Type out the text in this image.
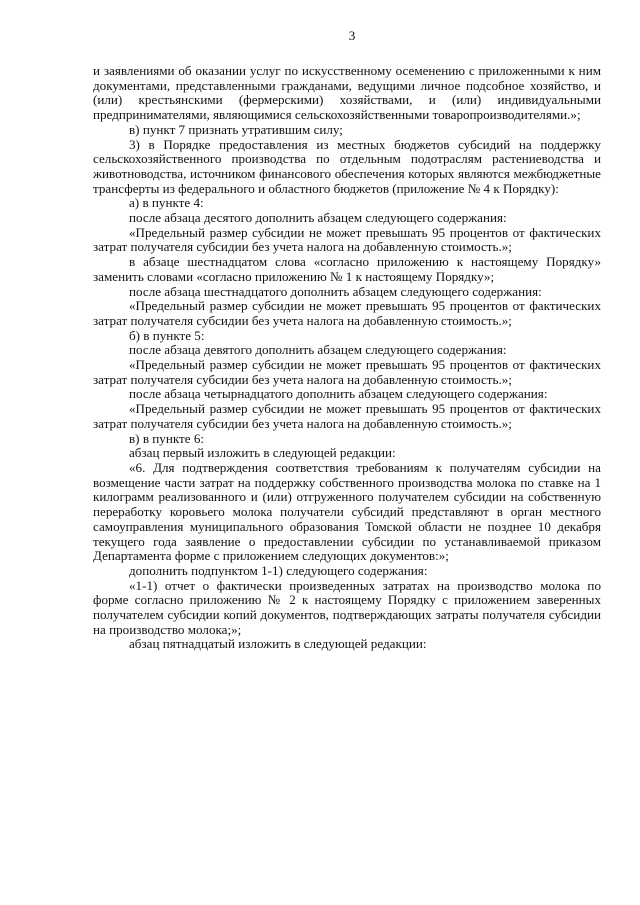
3

и заявлениями об оказании услуг по искусственному осеменению с приложенными к ним документами, представленными гражданами, ведущими личное подсобное хозяйство, и (или) крестьянскими (фермерскими) хозяйствами, и (или) индивидуальными предпринимателями, являющимися сельскохозяйственными товаропроизводителями.»;

в) пункт 7 признать утратившим силу;

3) в Порядке предоставления из местных бюджетов субсидий на поддержку сельскохозяйственного производства по отдельным подотраслям растениеводства и животноводства, источником финансового обеспечения которых являются межбюджетные трансферты из федерального и областного бюджетов (приложение № 4 к Порядку):

а) в пункте 4:

после абзаца десятого дополнить абзацем следующего содержания:

«Предельный размер субсидии не может превышать 95 процентов от фактических затрат получателя субсидии без учета налога на добавленную стоимость.»;

в абзаце шестнадцатом слова «согласно приложению к настоящему Порядку» заменить словами «согласно приложению № 1 к настоящему Порядку»;

после абзаца шестнадцатого дополнить абзацем следующего содержания:

«Предельный размер субсидии не может превышать 95 процентов от фактических затрат получателя субсидии без учета налога на добавленную стоимость.»;

б) в пункте 5:

после абзаца девятого дополнить абзацем следующего содержания:

«Предельный размер субсидии не может превышать 95 процентов от фактических затрат получателя субсидии без учета налога на добавленную стоимость.»;

после абзаца четырнадцатого дополнить абзацем следующего содержания:

«Предельный размер субсидии не может превышать 95 процентов от фактических затрат получателя субсидии без учета налога на добавленную стоимость.»;

в) в пункте 6:

абзац первый изложить в следующей редакции:

«6. Для подтверждения соответствия требованиям к получателям субсидии на возмещение части затрат на поддержку собственного производства молока по ставке на 1 килограмм реализованного и (или) отгруженного получателем субсидии на собственную переработку коровьего молока получатели субсидий представляют в орган местного самоуправления муниципального образования Томской области не позднее 10 декабря текущего года заявление о предоставлении субсидии по устанавливаемой приказом Департамента форме с приложением следующих документов:»;

дополнить подпунктом 1-1) следующего содержания:

«1-1) отчет о фактически произведенных затратах на производство молока по форме согласно приложению № 2 к настоящему Порядку с приложением заверенных получателем субсидии копий документов, подтверждающих затраты получателя субсидии на производство молока;»;

абзац пятнадцатый изложить в следующей редакции:
